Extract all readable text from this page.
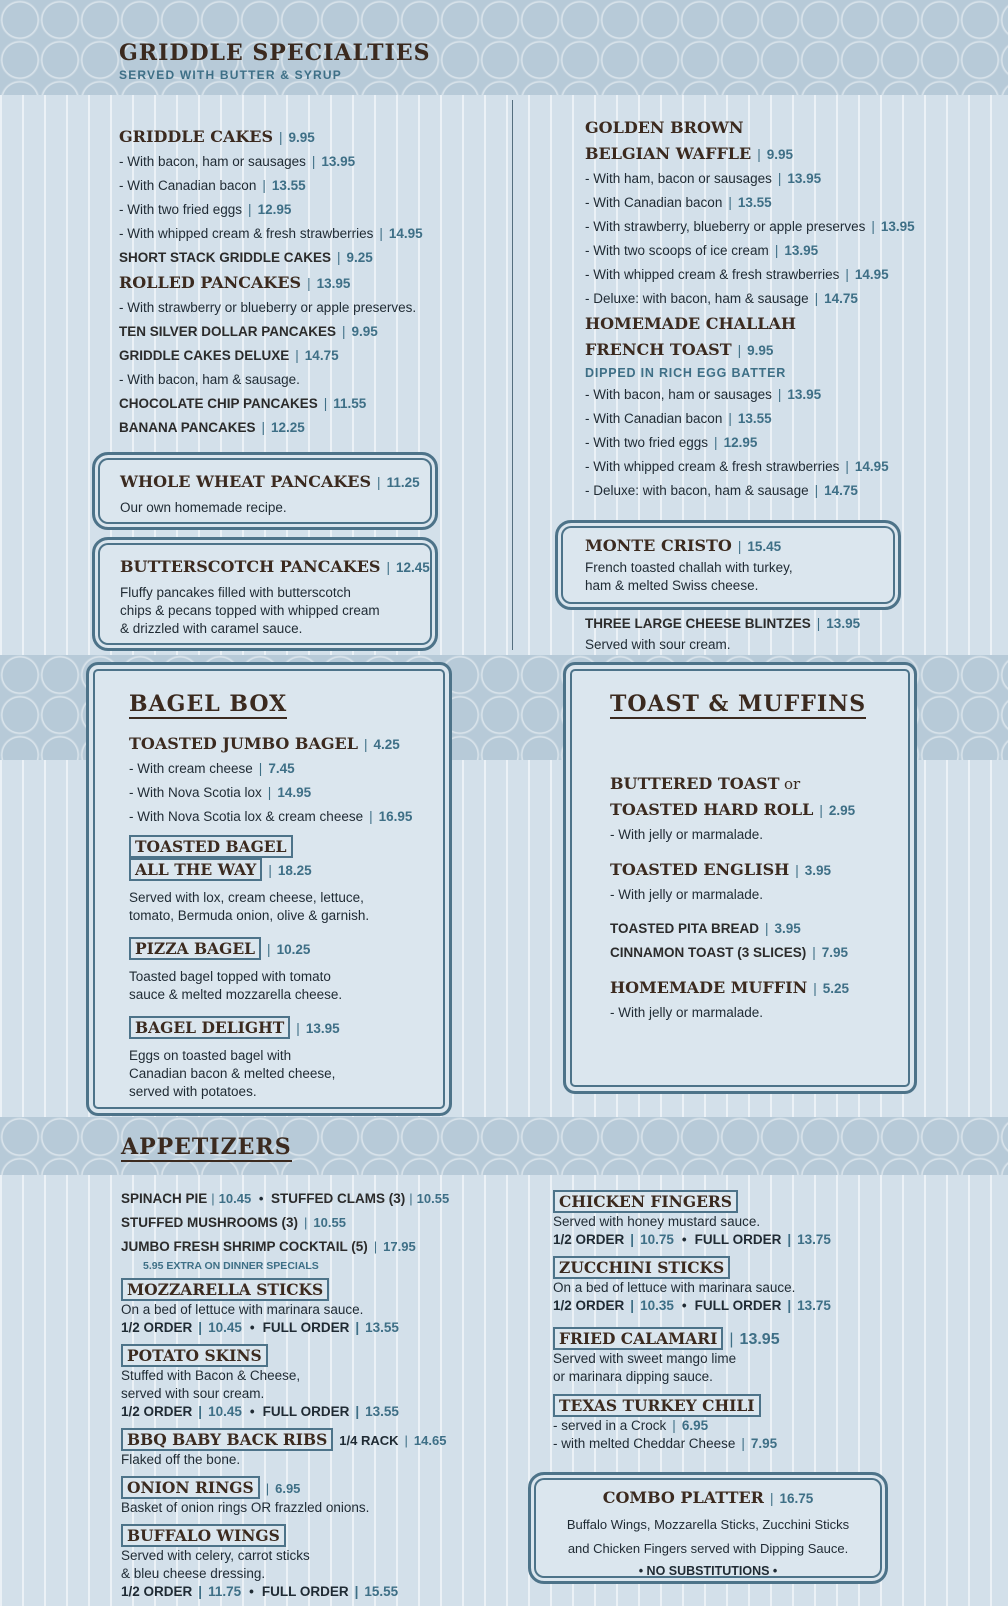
GRIDDLE SPECIALTIES
SERVED WITH BUTTER & SYRUP
GRIDDLE CAKES | 9.95
- With bacon, ham or sausages | 13.95
- With Canadian bacon | 13.55
- With two fried eggs | 12.95
- With whipped cream & fresh strawberries | 14.95
SHORT STACK GRIDDLE CAKES | 9.25
ROLLED PANCAKES | 13.95
- With strawberry or blueberry or apple preserves.
TEN SILVER DOLLAR PANCAKES | 9.95
GRIDDLE CAKES DELUXE | 14.75
- With bacon, ham & sausage.
CHOCOLATE CHIP PANCAKES | 11.55
BANANA PANCAKES | 12.25
WHOLE WHEAT PANCAKES | 11.25
Our own homemade recipe.
BUTTERSCOTCH PANCAKES | 12.45
Fluffy pancakes filled with butterscotch
chips & pecans topped with whipped cream
& drizzled with caramel sauce.
GOLDEN BROWN
BELGIAN WAFFLE | 9.95
- With ham, bacon or sausages | 13.95
- With Canadian bacon | 13.55
- With strawberry, blueberry or apple preserves | 13.95
- With two scoops of ice cream | 13.95
- With whipped cream & fresh strawberries | 14.95
- Deluxe: with bacon, ham & sausage | 14.75
HOMEMADE CHALLAH
FRENCH TOAST | 9.95
DIPPED IN RICH EGG BATTER
- With bacon, ham or sausages | 13.95
- With Canadian bacon | 13.55
- With two fried eggs | 12.95
- With whipped cream & fresh strawberries | 14.95
- Deluxe: with bacon, ham & sausage | 14.75
MONTE CRISTO | 15.45
French toasted challah with turkey,
ham & melted Swiss cheese.
THREE LARGE CHEESE BLINTZES | 13.95
Served with sour cream.
BAGEL BOX
TOASTED JUMBO BAGEL | 4.25
- With cream cheese | 7.45
- With Nova Scotia lox | 14.95
- With Nova Scotia lox & cream cheese | 16.95
TOASTED BAGEL
ALL THE WAY | 18.25
Served with lox, cream cheese, lettuce,
tomato, Bermuda onion, olive & garnish.
PIZZA BAGEL | 10.25
Toasted bagel topped with tomato
sauce & melted mozzarella cheese.
BAGEL DELIGHT | 13.95
Eggs on toasted bagel with
Canadian bacon & melted cheese,
served with potatoes.
TOAST & MUFFINS
BUTTERED TOAST or
TOASTED HARD ROLL | 2.95
- With jelly or marmalade.
TOASTED ENGLISH | 3.95
- With jelly or marmalade.
TOASTED PITA BREAD | 3.95
CINNAMON TOAST (3 SLICES) | 7.95
HOMEMADE MUFFIN | 5.25
- With jelly or marmalade.
APPETIZERS
SPINACH PIE | 10.45 • STUFFED CLAMS (3) | 10.55
STUFFED MUSHROOMS (3) | 10.55
JUMBO FRESH SHRIMP COCKTAIL (5) | 17.95
5.95 EXTRA ON DINNER SPECIALS
MOZZARELLA STICKS
On a bed of lettuce with marinara sauce.
1/2 ORDER | 10.45 • FULL ORDER | 13.55
POTATO SKINS
Stuffed with Bacon & Cheese,
served with sour cream.
1/2 ORDER | 10.45 • FULL ORDER | 13.55
BBQ BABY BACK RIBS 1/4 RACK | 14.65
Flaked off the bone.
ONION RINGS | 6.95
Basket of onion rings OR frazzled onions.
BUFFALO WINGS
Served with celery, carrot sticks
& bleu cheese dressing.
1/2 ORDER | 11.75 • FULL ORDER | 15.55
CHICKEN FINGERS
Served with honey mustard sauce.
1/2 ORDER | 10.75 • FULL ORDER | 13.75
ZUCCHINI STICKS
On a bed of lettuce with marinara sauce.
1/2 ORDER | 10.35 • FULL ORDER | 13.75
FRIED CALAMARI | 13.95
Served with sweet mango lime
or marinara dipping sauce.
TEXAS TURKEY CHILI
- served in a Crock | 6.95
- with melted Cheddar Cheese | 7.95
COMBO PLATTER | 16.75
Buffalo Wings, Mozzarella Sticks, Zucchini Sticks
and Chicken Fingers served with Dipping Sauce.
• NO SUBSTITUTIONS •
